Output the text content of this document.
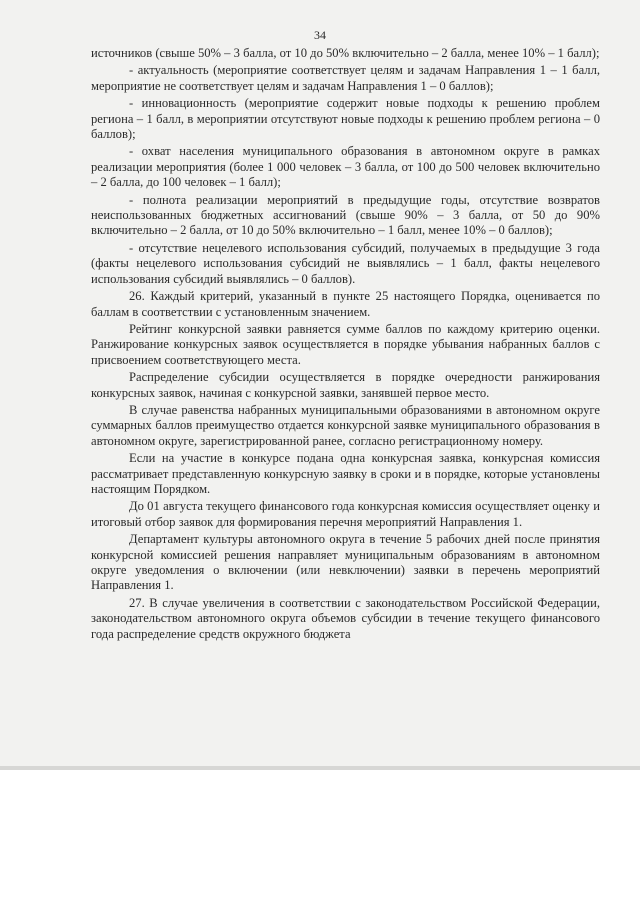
34

источников (свыше 50% – 3 балла, от 10 до 50% включительно – 2 балла, менее 10% – 1 балл);

- актуальность (мероприятие соответствует целям и задачам Направления 1 – 1 балл, мероприятие не соответствует целям и задачам Направления 1 – 0 баллов);

- инновационность (мероприятие содержит новые подходы к решению проблем региона – 1 балл, в мероприятии отсутствуют новые подходы к решению проблем региона – 0 баллов);

- охват населения муниципального образования в автономном округе в рамках реализации мероприятия (более 1 000 человек – 3 балла, от 100 до 500 человек включительно – 2 балла, до 100 человек – 1 балл);

- полнота реализации мероприятий в предыдущие годы, отсутствие возвратов неиспользованных бюджетных ассигнований (свыше 90% – 3 балла, от 50 до 90% включительно – 2 балла, от 10 до 50% включительно – 1 балл, менее 10% – 0 баллов);

- отсутствие нецелевого использования субсидий, получаемых в предыдущие 3 года (факты нецелевого использования субсидий не выявлялись – 1 балл, факты нецелевого использования субсидий выявлялись – 0 баллов).

26. Каждый критерий, указанный в пункте 25 настоящего Порядка, оценивается по баллам в соответствии с установленным значением.

Рейтинг конкурсной заявки равняется сумме баллов по каждому критерию оценки. Ранжирование конкурсных заявок осуществляется в порядке убывания набранных баллов с присвоением соответствующего места.

Распределение субсидии осуществляется в порядке очередности ранжирования конкурсных заявок, начиная с конкурсной заявки, занявшей первое место.

В случае равенства набранных муниципальными образованиями в автономном округе суммарных баллов преимущество отдается конкурсной заявке муниципального образования в автономном округе, зарегистрированной ранее, согласно регистрационному номеру.

Если на участие в конкурсе подана одна конкурсная заявка, конкурсная комиссия рассматривает представленную конкурсную заявку в сроки и в порядке, которые установлены настоящим Порядком.

До 01 августа текущего финансового года конкурсная комиссия осуществляет оценку и итоговый отбор заявок для формирования перечня мероприятий Направления 1.

Департамент культуры автономного округа в течение 5 рабочих дней после принятия конкурсной комиссией решения направляет муниципальным образованиям в автономном округе уведомления о включении (или невключении) заявки в перечень мероприятий Направления 1.

27. В случае увеличения в соответствии с законодательством Российской Федерации, законодательством автономного округа объемов субсидии в течение текущего финансового года распределение средств окружного бюджета
